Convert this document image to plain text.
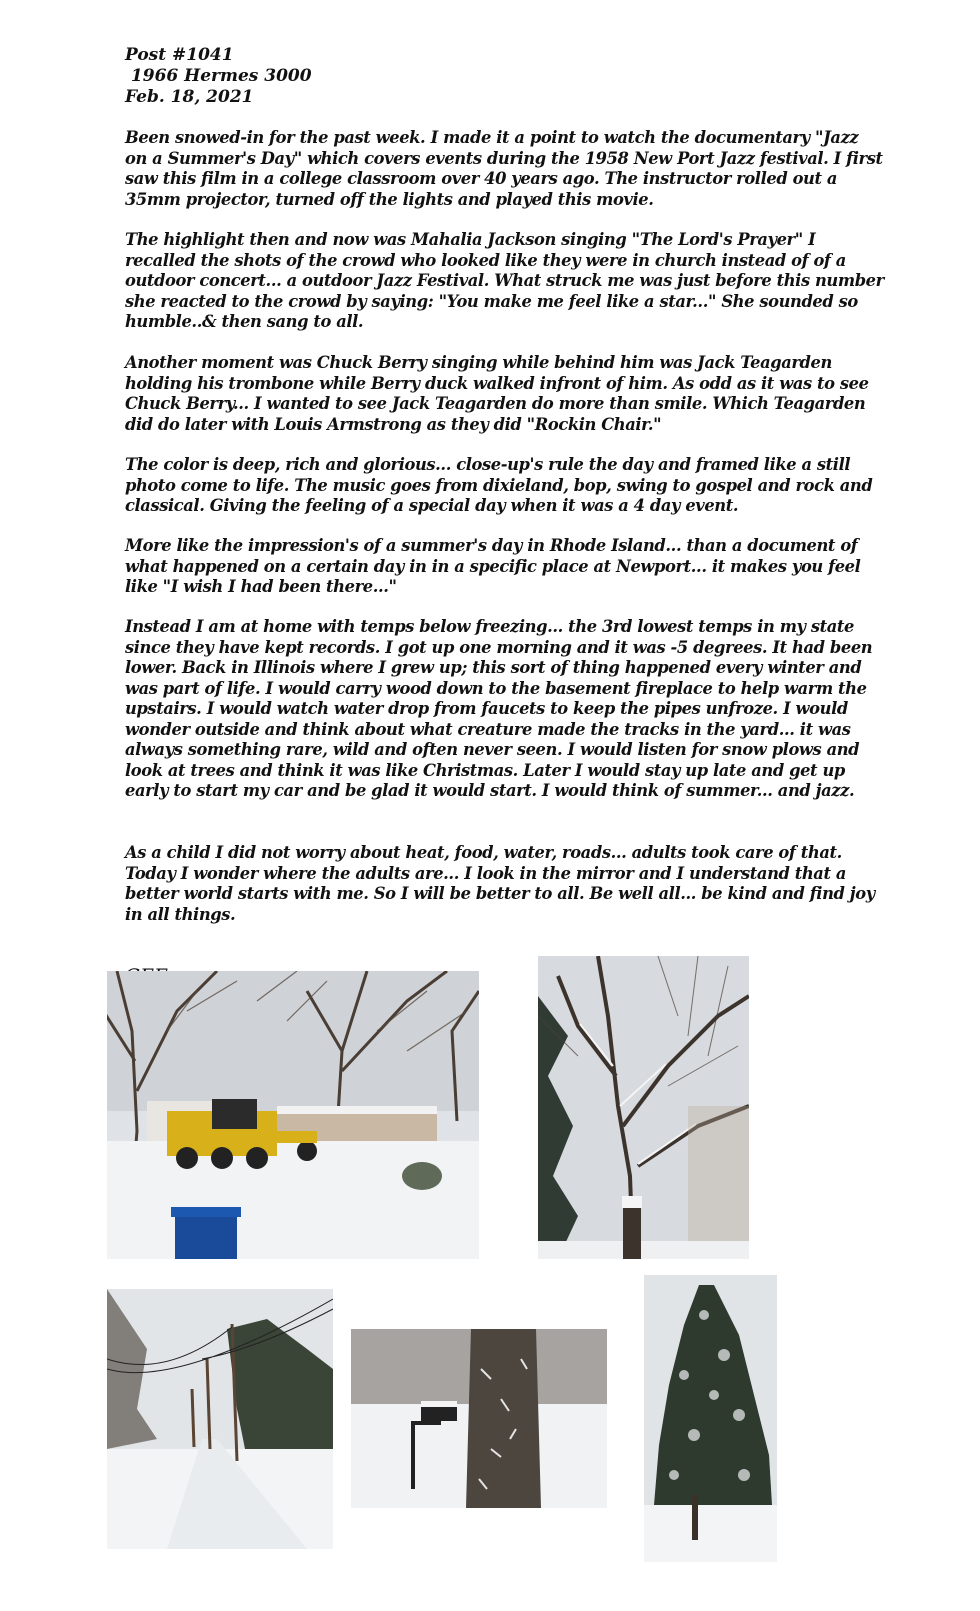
Post #1041
1966 Hermes 3000
Feb. 18, 2021

Been snowed-in for the past week. I made it a point to watch the documentary "Jazz on a Summer's Day" which covers events during the 1958 New Port Jazz festival. I first saw this film in a college classroom over 40 years ago. The instructor rolled out a 35mm projector, turned off the lights and played this movie.

The highlight then and now was Mahalia Jackson singing "The Lord's Prayer" I recalled the shots of the crowd who looked like they were in church instead of of a outdoor concert... a outdoor Jazz Festival. What struck me was just before this number she reacted to the crowd by saying: "You make me feel like a star..." She sounded so humble..& then sang to all.

Another moment was Chuck Berry singing while behind him was Jack Teagarden holding his trombone while Berry duck walked infront of him. As odd as it was to see Chuck Berry... I wanted to see Jack Teagarden do more than smile. Which Teagarden did do later with Louis Armstrong as they did "Rockin Chair."

The color is deep, rich and glorious... close-up's rule the day and framed like a still photo come to life. The music goes from dixieland, bop, swing to gospel and rock and classical. Giving the feeling of a special day when it was a 4 day event.

More like the impression's of a summer's day in Rhode Island... than a document of what happened on a certain day in in a specific place at Newport... it makes you feel like "I wish I had been there..."

Instead I am at home with temps below freezing... the 3rd lowest temps in my state since they have kept records. I got up one morning and it was -5 degrees. It had been lower. Back in Illinois where I grew up; this sort of thing happened every winter and was part of life. I would carry wood down to the basement fireplace to help warm the upstairs. I would watch water drop from faucets to keep the pipes unfroze. I would wonder outside and think about what creature made the tracks in the yard... it was always something rare, wild and often never seen. I would listen for snow plows and look at trees and think it was like Christmas. Later I would stay up late and get up early to start my car and be glad it would start. I would think of summer... and jazz.

As a child I did not worry about heat, food, water, roads... adults took care of that. Today I wonder where the adults are... I look in the mirror and I understand that a better world starts with me. So I will be better to all. Be well all... be kind and find joy in all things.
